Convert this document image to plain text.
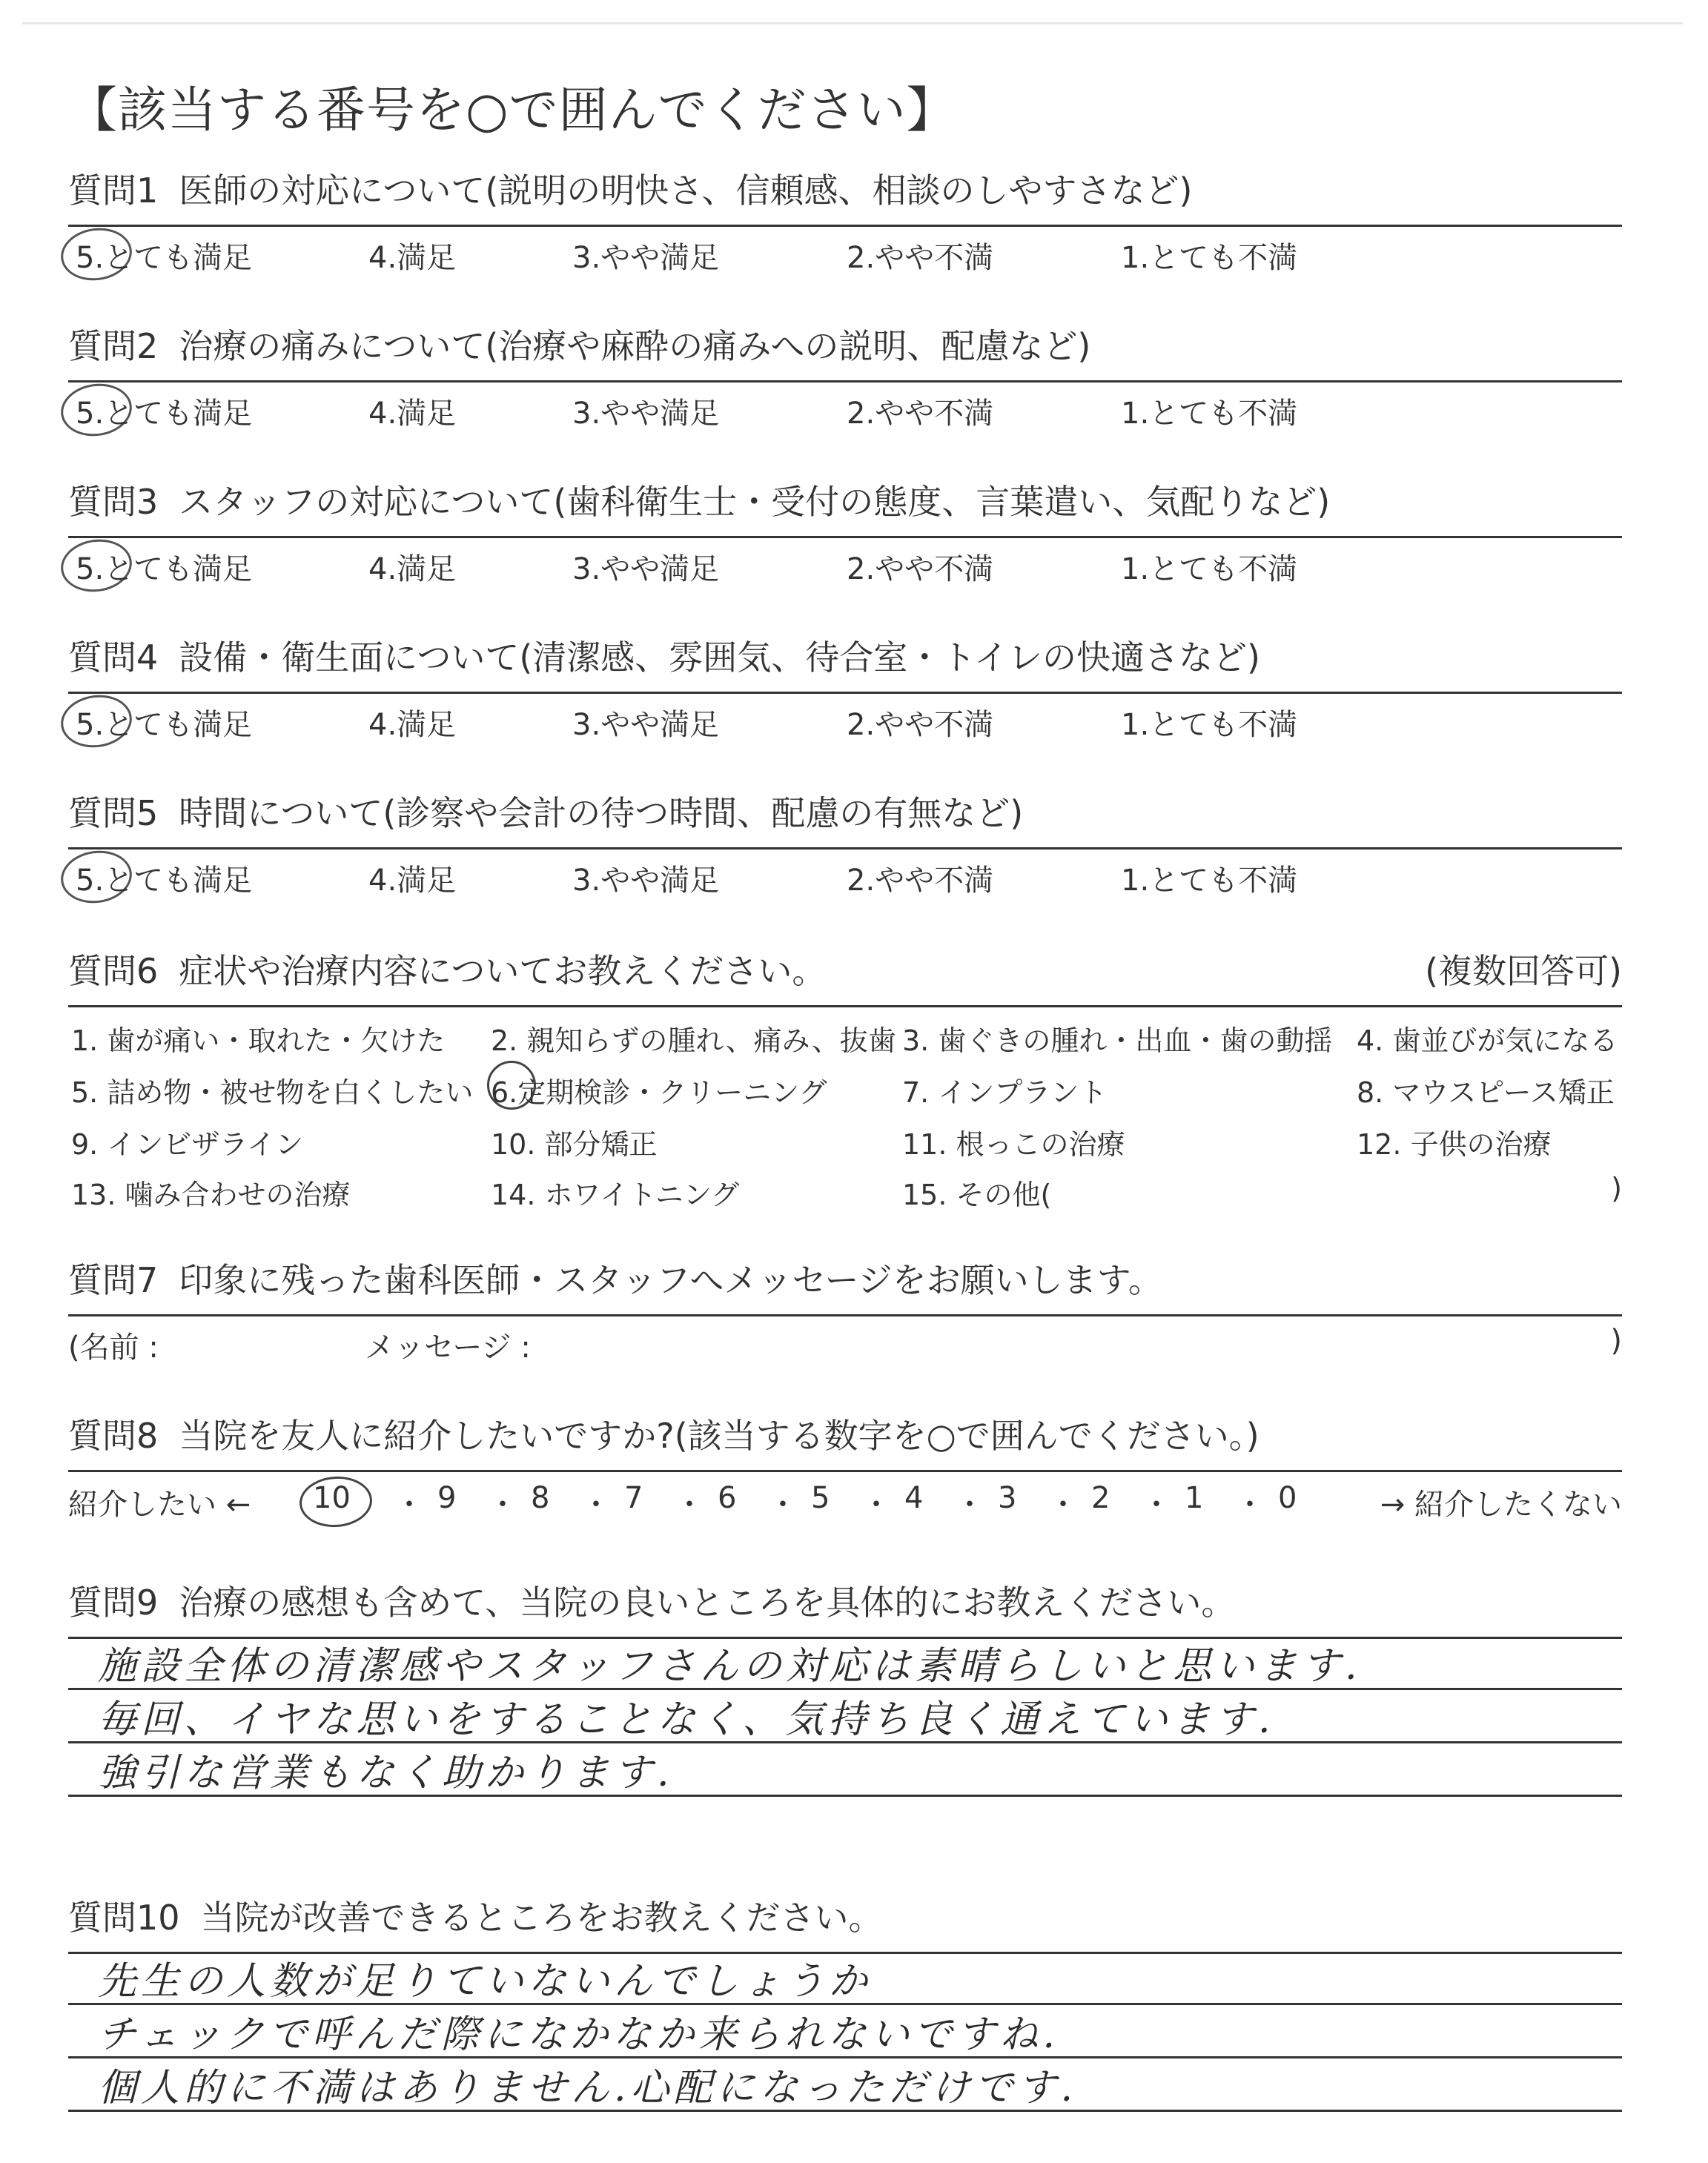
【該当する番号を○で囲んでください】
質問1 医師の対応について(説明の明快さ、信頼感、相談のしやすさなど)
5.とても満足	4.満足	3.やや満足	2.やや不満	1.とても不満
質問2 治療の痛みについて(治療や麻酔の痛みへの説明、配慮など)
5.とても満足	4.満足	3.やや満足	2.やや不満	1.とても不満
質問3 スタッフの対応について(歯科衛生士・受付の態度、言葉遣い、気配りなど)
5.とても満足	4.満足	3.やや満足	2.やや不満	1.とても不満
質問4 設備・衛生面について(清潔感、雰囲気、待合室・トイレの快適さなど)
5.とても満足	4.満足	3.やや満足	2.やや不満	1.とても不満
質問5 時間について(診察や会計の待つ時間、配慮の有無など)
5.とても満足	4.満足	3.やや満足	2.やや不満	1.とても不満
質問6 症状や治療内容についてお教えください。	(複数回答可)
1. 歯が痛い・取れた・欠けた 2. 親知らずの腫れ、痛み、抜歯 3. 歯ぐきの腫れ・出血・歯の動揺 4. 歯並びが気になる
5. 詰め物・被せ物を白くしたい 6.定期検診・クリーニング	7. インプラント	8. マウスピース矯正
9. インビザライン	10. 部分矯正	11. 根っこの治療	12. 子供の治療
13. 噛み合わせの治療	14. ホワイトニング	15. その他(	)
質問7 印象に残った歯科医師・スタッフへメッセージをお願いします。
(名前 :	メッセージ :	)
質問8 当院を友人に紹介したいですか?(該当する数字を○で囲んでください。)
紹介したい ← 10 ・ 9 ・ 8 ・ 7 ・ 6 ・ 5 ・ 4 ・ 3 ・ 2 ・ 1 ・ 0	→ 紹介したくない
質問9 治療の感想も含めて、当院の良いところを具体的にお教えください。
施設全体の清潔感やスタッフさんの対応は素晴らしいと思います.
毎回、イヤな思いをすることなく、気持ち良く通えています.
強引な営業もなく助かります.
質問10 当院が改善できるところをお教えください。
先生の人数が足りていないんでしょうか
チェックで呼んだ際になかなか来られないですね.
個人的に不満はありません.心配になっただけです.
